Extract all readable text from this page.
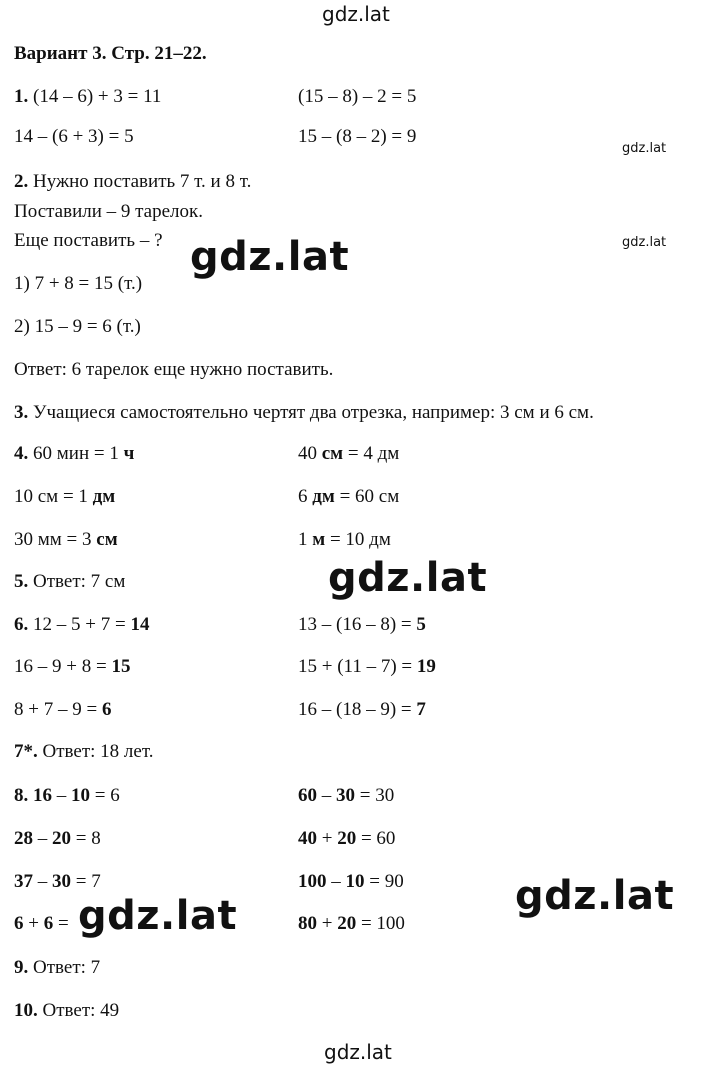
gdz.lat
gdz.lat
gdz.lat
gdz.lat
gdz.lat
gdz.lat
gdz.lat
gdz.lat
Вариант 3. Стр. 21–22.
1. (14 – 6) + 3 = 11	(15 – 8) – 2 = 5
14 – (6 + 3) = 5	15 – (8 – 2) = 9
2. Нужно поставить 7 т. и 8 т.
Поставили – 9 тарелок.
Еще поставить – ?
1) 7 + 8 = 15 (т.)
2) 15 – 9 = 6 (т.)
Ответ: 6 тарелок еще нужно поставить.
3. Учащиеся самостоятельно чертят два отрезка, например: 3 см и 6 см.
4. 60 мин = 1 ч	40 см = 4 дм
10 см = 1 дм	6 дм = 60 см
30 мм = 3 см	1 м = 10 дм
5. Ответ: 7 см
6. 12 – 5 + 7 = 14	13 – (16 – 8) = 5
16 – 9 + 8 = 15	15 + (11 – 7) = 19
8 + 7 – 9 = 6	16 – (18 – 9) = 7
7*. Ответ: 18 лет.
8. 16 – 10 = 6	60 – 30 = 30
28 – 20 = 8	40 + 20 = 60
37 – 30 = 7	100 – 10 = 90
6 + 6 =	80 + 20 = 100
9. Ответ: 7
10. Ответ: 49
